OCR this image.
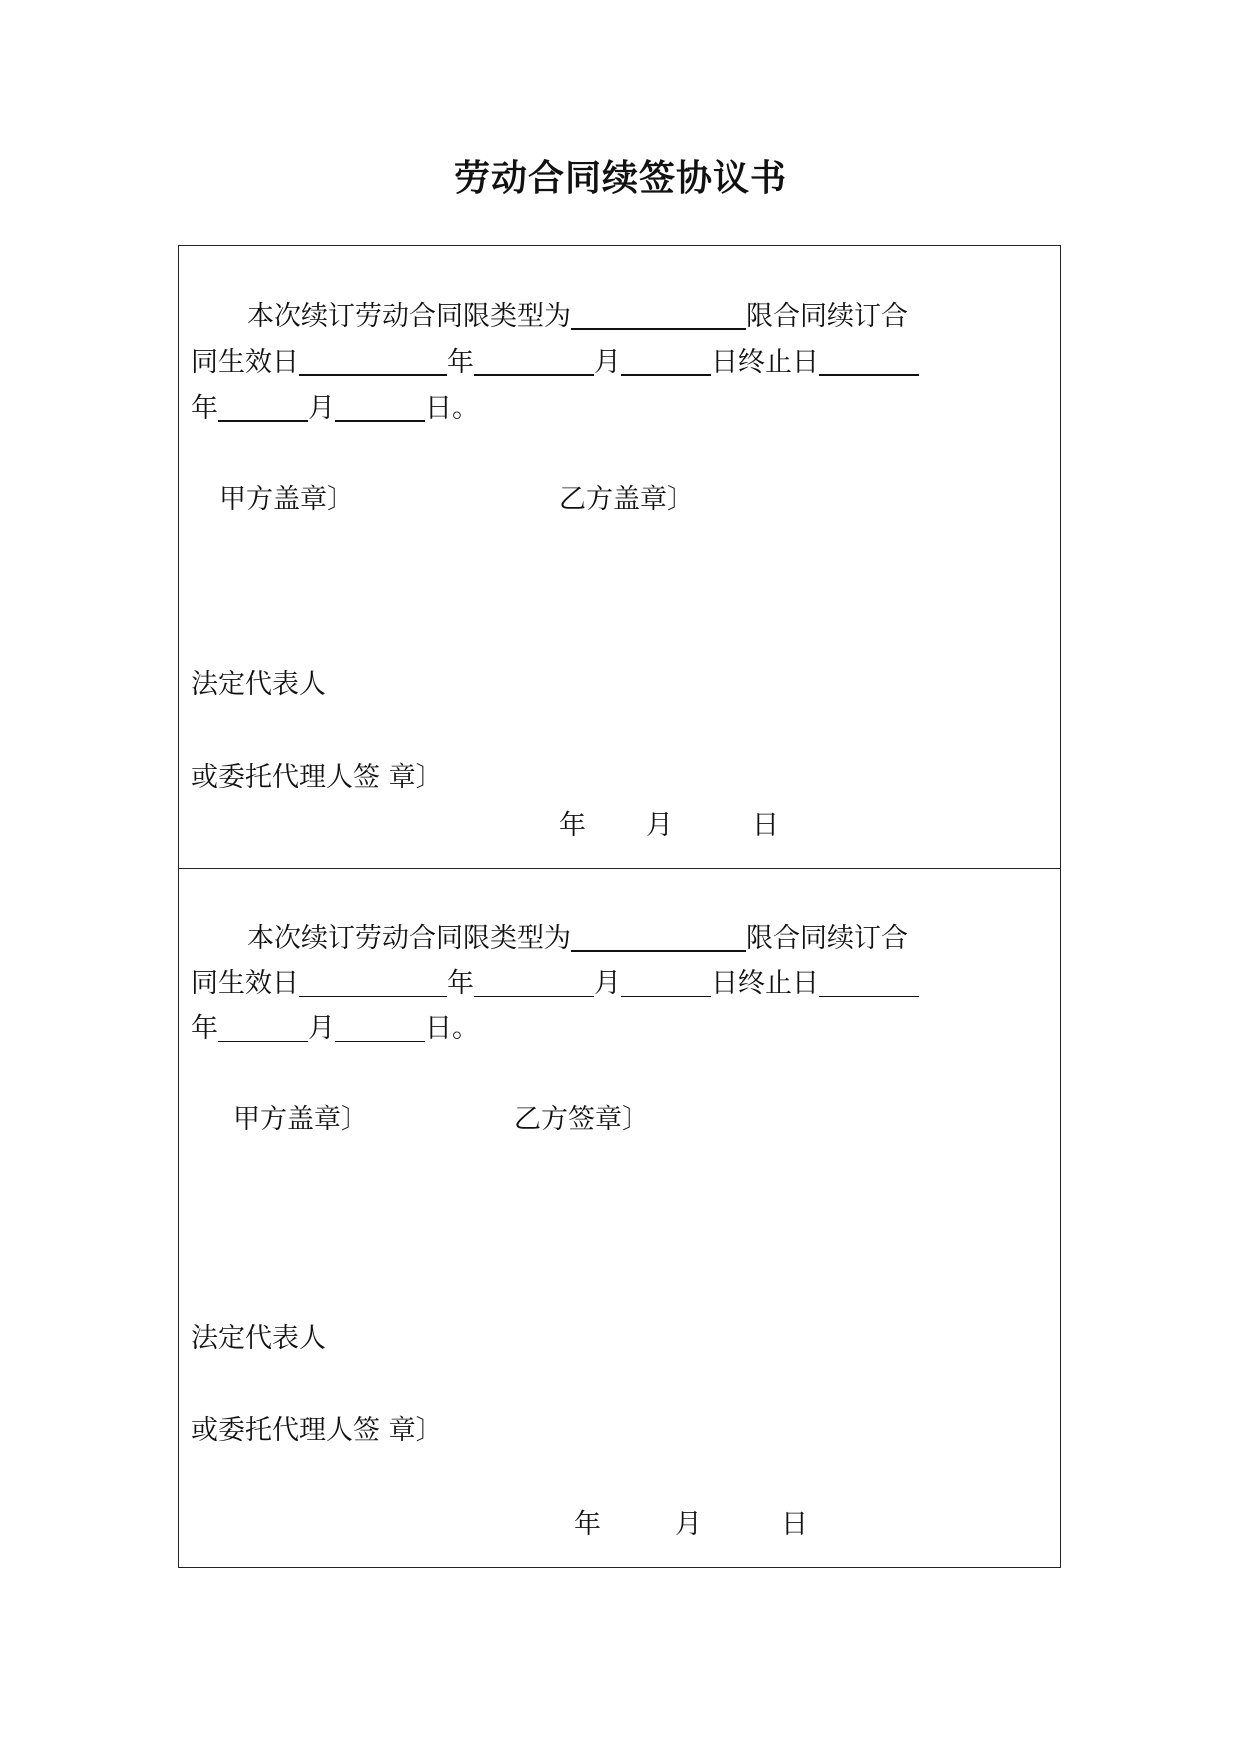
劳动合同续签协议书
本次续订劳动合同限类型为	限合同续订合
同生效日	年	月	日终止日
年	月	日。
甲方盖章〕	乙方盖章〕
法定代表人
或委托代理人签 章〕
年 月	日
本次续订劳动合同限类型为	限合同续订合
同生效日	年	月	日终止日
年	月	日。
甲方盖章〕	乙方签章〕
法定代表人
或委托代理人签 章〕
年	月	日
